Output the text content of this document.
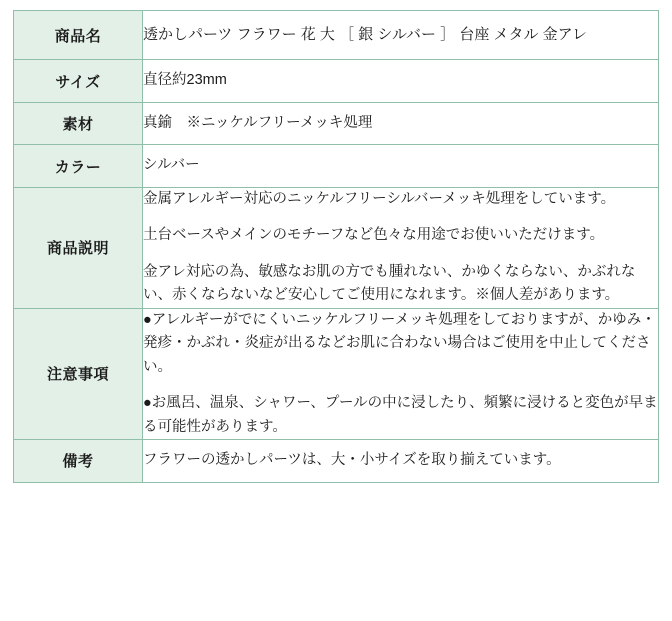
商品名	透かしパーツ フラワー 花 大 ［ 銀 シルバー ］ 台座 メタル 金アレ

サイズ	直径約23mm

素材	真鍮　※ニッケルフリーメッキ処理

カラー	シルバー

商品説明	金属アレルギー対応のニッケルフリーシルバーメッキ処理をしています。

土台ベースやメインのモチーフなど色々な用途でお使いいただけます。

金アレ対応の為、敏感なお肌の方でも腫れない、かゆくならない、かぶれない、赤くならないなど安心してご使用になれます。※個人差があります。

注意事項	●アレルギーがでにくいニッケルフリーメッキ処理をしておりますが、かゆみ・発疹・かぶれ・炎症が出るなどお肌に合わない場合はご使用を中止してください。

●お風呂、温泉、シャワー、プールの中に浸したり、頻繁に浸けると変色が早まる可能性があります。

備考	フラワーの透かしパーツは、大・小サイズを取り揃えています。
